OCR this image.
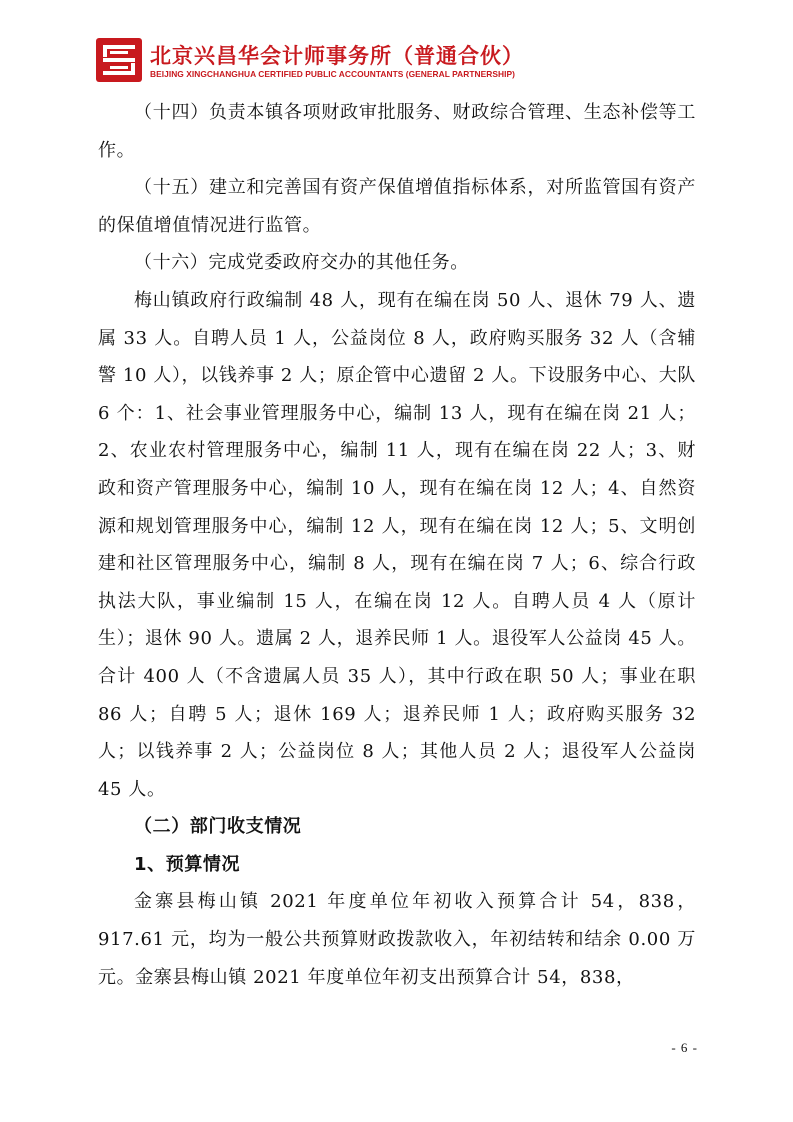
北京兴昌华会计师事务所（普通合伙）
BEIJING XINGCHANGHUA CERTIFIED PUBLIC ACCOUNTANTS (GENERAL PARTNERSHIP)

（十四）负责本镇各项财政审批服务、财政综合管理、生态补偿等工作。

（十五）建立和完善国有资产保值增值指标体系，对所监管国有资产的保值增值情况进行监管。

（十六）完成党委政府交办的其他任务。

梅山镇政府行政编制 48 人，现有在编在岗 50 人、退休 79 人、遗属 33 人。自聘人员 1 人，公益岗位 8 人，政府购买服务 32 人（含辅警 10 人），以钱养事 2 人；原企管中心遗留 2 人。下设服务中心、大队 6 个：1、社会事业管理服务中心，编制 13 人，现有在编在岗 21 人；2、农业农村管理服务中心，编制 11 人，现有在编在岗 22 人；3、财政和资产管理服务中心，编制 10 人，现有在编在岗 12 人；4、自然资源和规划管理服务中心，编制 12 人，现有在编在岗 12 人；5、文明创建和社区管理服务中心，编制 8 人，现有在编在岗 7 人；6、综合行政执法大队，事业编制 15 人，在编在岗 12 人。自聘人员 4 人（原计生）；退休 90 人。遗属 2 人，退养民师 1 人。退役军人公益岗 45 人。合计 400 人（不含遗属人员 35 人），其中行政在职 50 人；事业在职 86 人；自聘 5 人；退休 169 人；退养民师 1 人；政府购买服务 32 人；以钱养事 2 人；公益岗位 8 人；其他人员 2 人；退役军人公益岗 45 人。

（二）部门收支情况

1、预算情况

金寨县梅山镇 2021 年度单位年初收入预算合计 54，838，917.61 元，均为一般公共预算财政拨款收入，年初结转和结余 0.00 万元。金寨县梅山镇 2021 年度单位年初支出预算合计 54，838，

- 6 -
